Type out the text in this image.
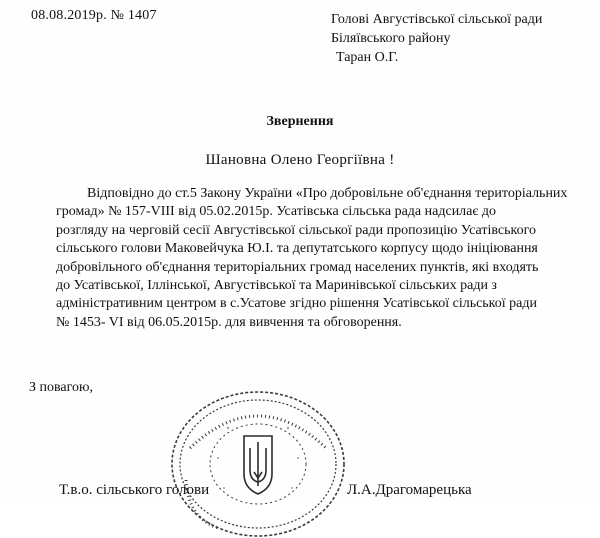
08.08.2019р. № 1407	Голові Августівської сільської ради
Біляївського району
Таран О.Г.
Звернення
Шановна Олено Георгіївна !
Відповідно до ст.5 Закону України «Про добровільне об'єднання територіальних
громад» № 157-VIII від 05.02.2015р. Усатівська сільська рада надсилає до
розгляду на черговій сесії Августівської сільської ради пропозицію Усатівського
сільського голови Маковейчука Ю.І. та депутатського корпусу щодо ініціювання
добровільного об'єднання територіальних громад населених пунктів, які входять
до Усатівської, Іллінської, Августівської та Маринівської сільських ради з
адміністративним центром в с.Усатове згідно рішення Усатівської сільської ради
№ 1453- VI від 06.05.2015р. для вивчення та обговорення.
З повагою,
Т.в.о. сільського голови	Л.А.Драгомарецька
